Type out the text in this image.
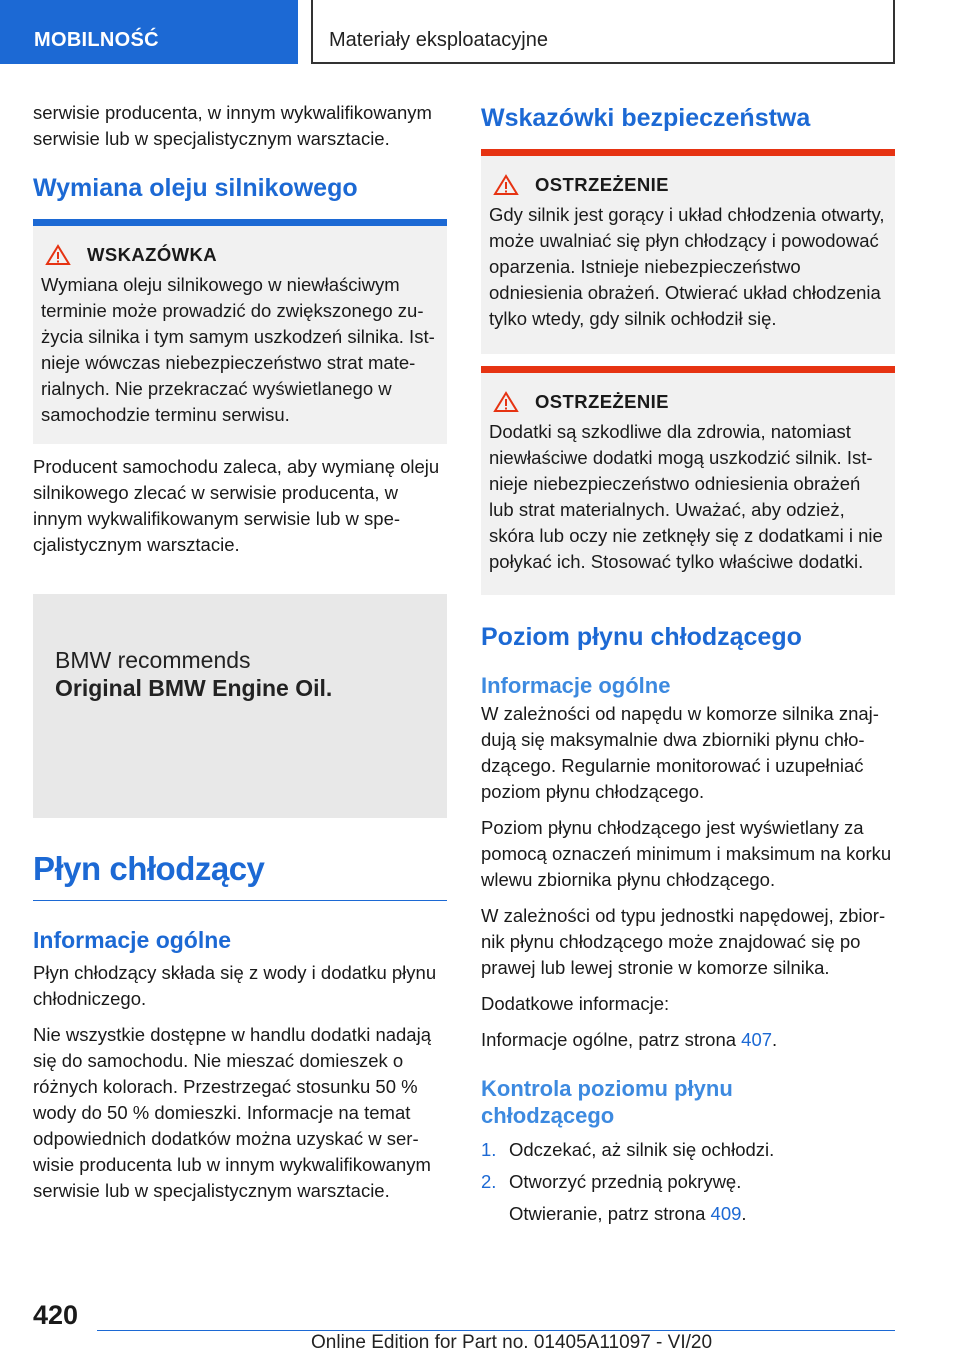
MOBILNOŚĆ	Materiały eksploatacyjne

serwisie producenta, w innym wykwalifikowanym serwisie lub w specjalistycznym warsztacie.

Wymiana oleju silnikowego
WSKAZÓWKA

Wymiana oleju silnikowego w niewłaściwym terminie może prowadzić do zwiększonego zużycia silnika i tym samym uszkodzeń silnika. Istnieje wówczas niebezpieczeństwo strat materialnych. Nie przekraczać wyświetlanego w samochodzie terminu serwisu.

Producent samochodu zaleca, aby wymianę oleju silnikowego zlecać w serwisie producenta, w innym wykwalifikowanym serwisie lub w specjalistycznym warsztacie.

BMW recommends
Original BMW Engine Oil.
Płyn chłodzący
Informacje ogólne

Płyn chłodzący składa się z wody i dodatku płynu chłodniczego.

Nie wszystkie dostępne w handlu dodatki nadają się do samochodu. Nie mieszać domieszek o różnych kolorach. Przestrzegać stosunku 50 % wody do 50 % domieszki. Informacje na temat odpowiednich dodatków można uzyskać w serwisie producenta lub w innym wykwalifikowanym serwisie lub w specjalistycznym warsztacie.

Wskazówki bezpieczeństwa
OSTRZEŻENIE

Gdy silnik jest gorący i układ chłodzenia otwarty, może uwalniać się płyn chłodzący i powodować oparzenia. Istnieje niebezpieczeństwo odniesienia obrażeń. Otwierać układ chłodzenia tylko wtedy, gdy silnik ochłodził się.

OSTRZEŻENIE

Dodatki są szkodliwe dla zdrowia, natomiast niewłaściwe dodatki mogą uszkodzić silnik. Istnieje niebezpieczeństwo odniesienia obrażeń lub strat materialnych. Uważać, aby odzież, skóra lub oczy nie zetknęły się z dodatkami i nie połykać ich. Stosować tylko właściwe dodatki.

Poziom płynu chłodzącego
Informacje ogólne

W zależności od napędu w komorze silnika znajdują się maksymalnie dwa zbiorniki płynu chłodzącego. Regularnie monitorować i uzupełniać poziom płynu chłodzącego.

Poziom płynu chłodzącego jest wyświetlany za pomocą oznaczeń minimum i maksimum na korku wlewu zbiornika płynu chłodzącego.

W zależności od typu jednostki napędowej, zbiornik płynu chłodzącego może znajdować się po prawej lub lewej stronie w komorze silnika.

Dodatkowe informacje:

Informacje ogólne, patrz strona 407.

Kontrola poziomu płynu chłodzącego
1. Odczekać, aż silnik się ochłodzi.
2. Otworzyć przednią pokrywę.

Otwieranie, patrz strona 409.

420
Online Edition for Part no. 01405A11097 - VI/20
